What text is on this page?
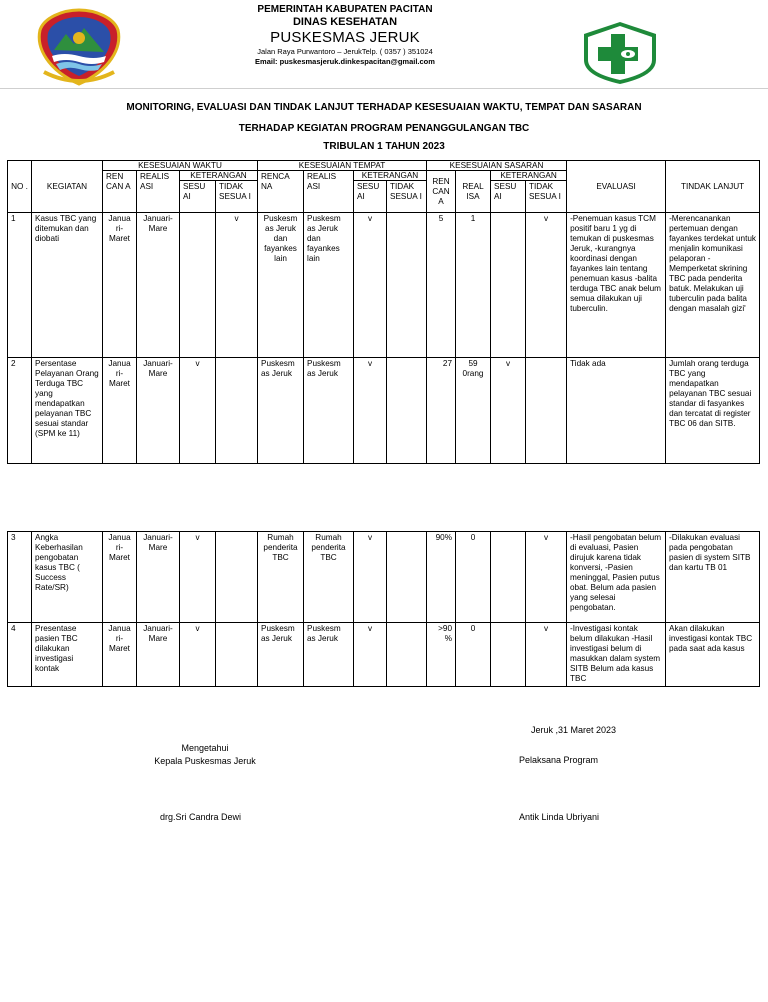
PEMERINTAH KABUPATEN PACITAN
DINAS KESEHATAN
PUSKESMAS JERUK
Jalan Raya Purwantoro – JerukTelp. ( 0357 ) 351024
Email: puskesmasjeruk.dinkespacitan@gmail.com
MONITORING, EVALUASI DAN TINDAK LANJUT TERHADAP KESESUAIAN WAKTU, TEMPAT DAN SASARAN
TERHADAP KEGIATAN PROGRAM PENANGGULANGAN TBC
TRIBULAN 1 TAHUN 2023
NO .	KEGIATAN	KESESUAIAN WAKTU				KESESUAIAN TEMPAT				KESESUAIAN SASARAN				EVALUASI	TINDAK LANJUT
		REN CAN A	REALIS ASI	KETERANGAN		RENCA NA	REALIS ASI	KETERANGAN		REN CAN A	REAL ISA	KETERANGAN			
				SESU AI	TIDAK SESUA I			SESU AI	TIDAK SESUA I			SESU AI	TIDAK SESUA I		
1	Kasus TBC yang ditemukan dan diobati	Janua ri-Maret	Januari-Mare		v	Puskesm as Jeruk dan fayankes lain	Puskesm as Jeruk dan fayankes lain	v		5	1		v	-Penemuan kasus TCM positif baru 1 yg di temukan di puskesmas Jeruk, -kurangnya koordinasi dengan fayankes lain tentang penemuan kasus -balita terduga TBC anak belum semua dilakukan uji tuberculin.	-Merencanankan pertemuan dengan fayankes terdekat untuk menjalin komunikasi pelaporan -Memperketat skrining TBC pada penderita batuk. Melakukan uji tuberculin pada balita dengan masalah gizi'
2	Persentase Pelayanan Orang Terduga TBC yang mendapatkan pelayanan TBC sesuai standar (SPM ke 11)	Janua ri-Maret	Januari-Mare	v		Puskesm as Jeruk	Puskesm as Jeruk	v		27	59 0rang	v		Tidak ada	Jumlah orang terduga TBC yang mendapatkan pelayanan TBC sesuai standar di fasyankes dan tercatat di register TBC 06 dan SITB.
3	Angka Keberhasilan pengobatan kasus TBC ( Success Rate/SR)	Janua ri-Maret	Januari-Mare	v		Rumah penderita TBC	Rumah penderita TBC	v		90%	0		v	-Hasil pengobatan belum di evaluasi, Pasien dirujuk karena tidak konversi, -Pasien meninggal, Pasien putus obat. Belum ada pasien yang selesai pengobatan.	-Dilakukan evaluasi pada pengobatan pasien di system SITB dan kartu TB 01
4	Presentase pasien TBC dilakukan investigasi kontak	Janua ri-Maret	Januari-Mare	v		Puskesm as Jeruk	Puskesm as Jeruk	v		>90 %	0		v	-Investigasi kontak belum dilakukan -Hasil investigasi belum di masukkan dalam system SITB Belum ada kasus TBC	Akan dilakukan investigasi kontak TBC pada saat ada kasus
Jeruk ,31 Maret 2023
Mengetahui
Kepala Puskesmas Jeruk	Pelaksana Program
drg.Sri Candra Dewi	Antik Linda Ubriyani
